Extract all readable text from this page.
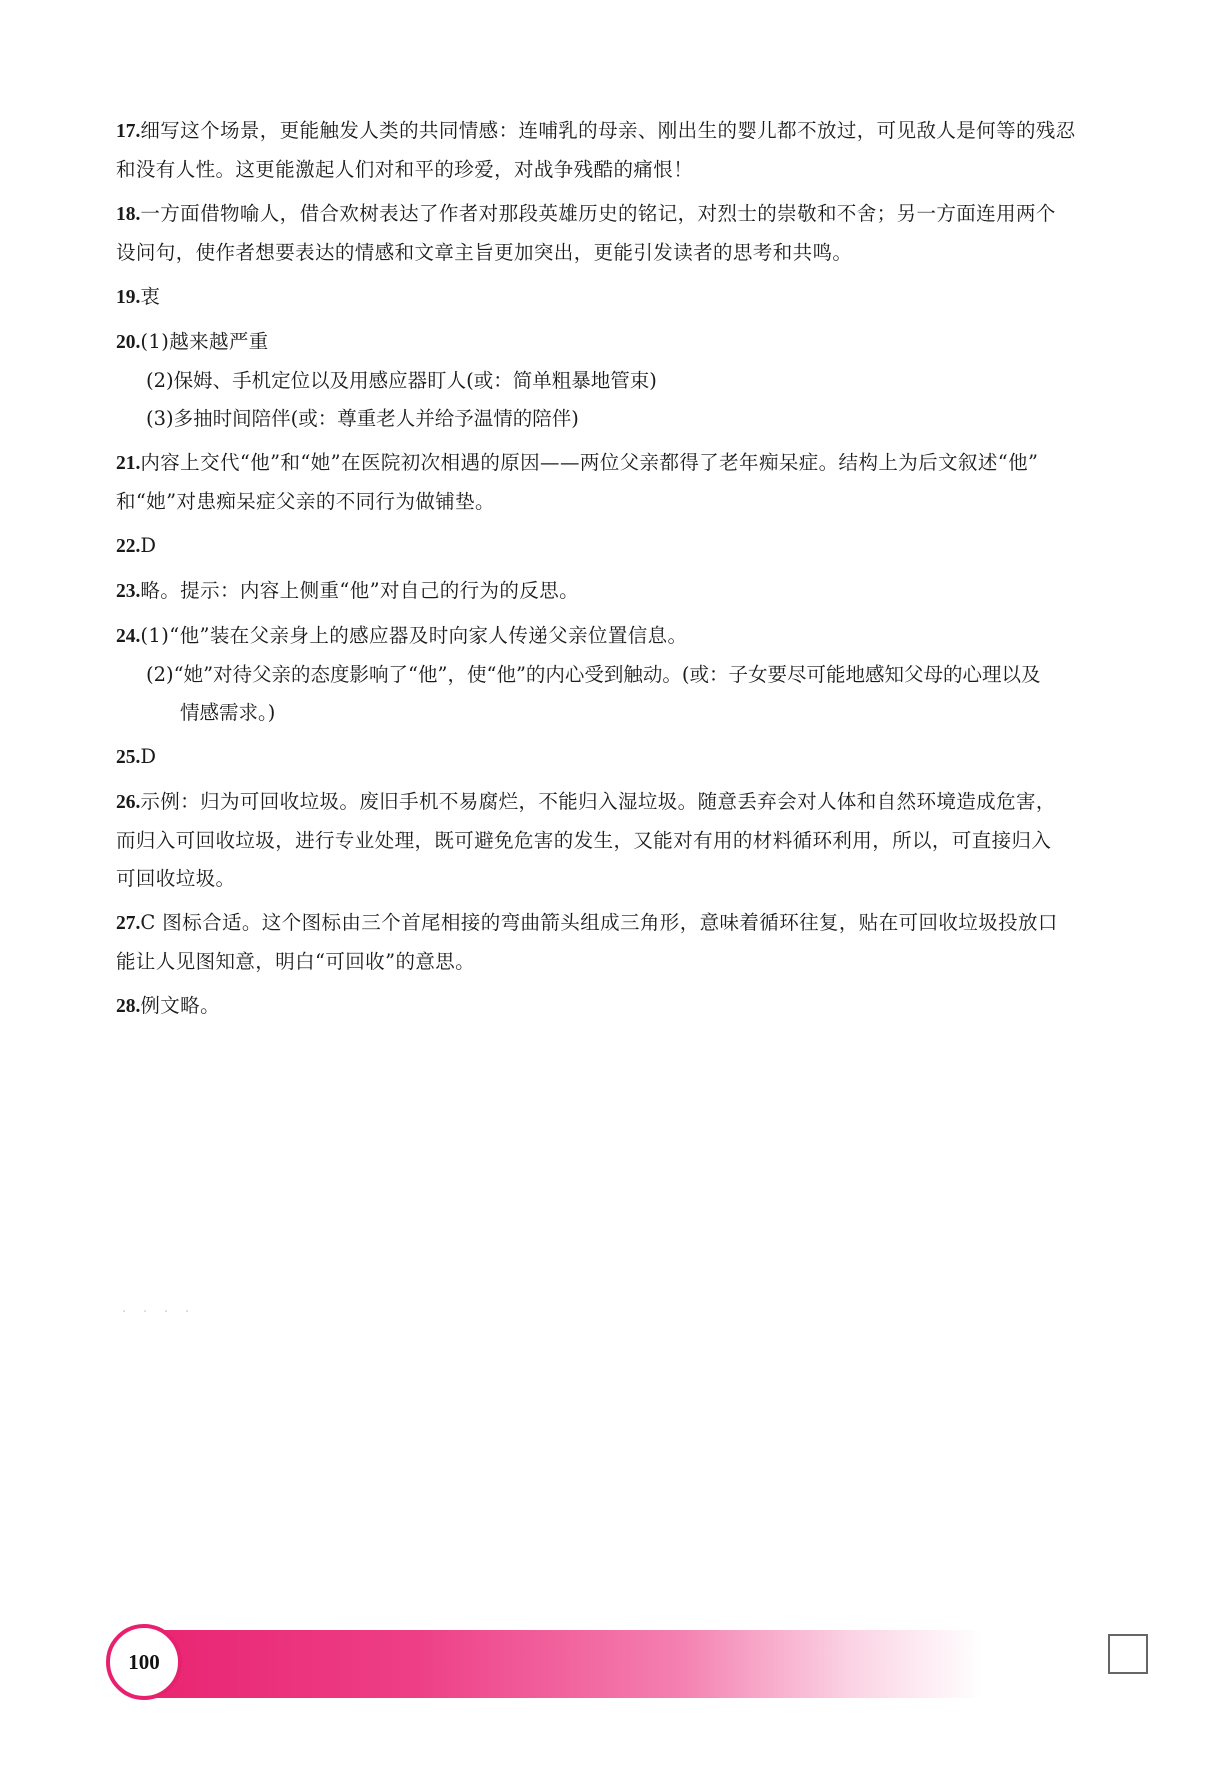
17.细写这个场景，更能触发人类的共同情感：连哺乳的母亲、刚出生的婴儿都不放过，可见敌人是何等的残忍
和没有人性。这更能激起人们对和平的珍爱，对战争残酷的痛恨！
18.一方面借物喻人，借合欢树表达了作者对那段英雄历史的铭记，对烈士的崇敬和不舍；另一方面连用两个
设问句，使作者想要表达的情感和文章主旨更加突出，更能引发读者的思考和共鸣。
19.衷
20.(1)越来越严重
(2)保姆、手机定位以及用感应器盯人(或：简单粗暴地管束)
(3)多抽时间陪伴(或：尊重老人并给予温情的陪伴)
21.内容上交代“他”和“她”在医院初次相遇的原因——两位父亲都得了老年痴呆症。结构上为后文叙述“他”
和“她”对患痴呆症父亲的不同行为做铺垫。
22.D
23.略。提示：内容上侧重“他”对自己的行为的反思。
24.(1)“他”装在父亲身上的感应器及时向家人传递父亲位置信息。
(2)“她”对待父亲的态度影响了“他”，使“他”的内心受到触动。(或：子女要尽可能地感知父母的心理以及
情感需求。)
25.D
26.示例：归为可回收垃圾。废旧手机不易腐烂，不能归入湿垃圾。随意丢弃会对人体和自然环境造成危害，
而归入可回收垃圾，进行专业处理，既可避免危害的发生，又能对有用的材料循环利用，所以，可直接归入
可回收垃圾。
27.C 图标合适。这个图标由三个首尾相接的弯曲箭头组成三角形，意味着循环往复，贴在可回收垃圾投放口
能让人见图知意，明白“可回收”的意思。
28.例文略。
· · · ·
100
